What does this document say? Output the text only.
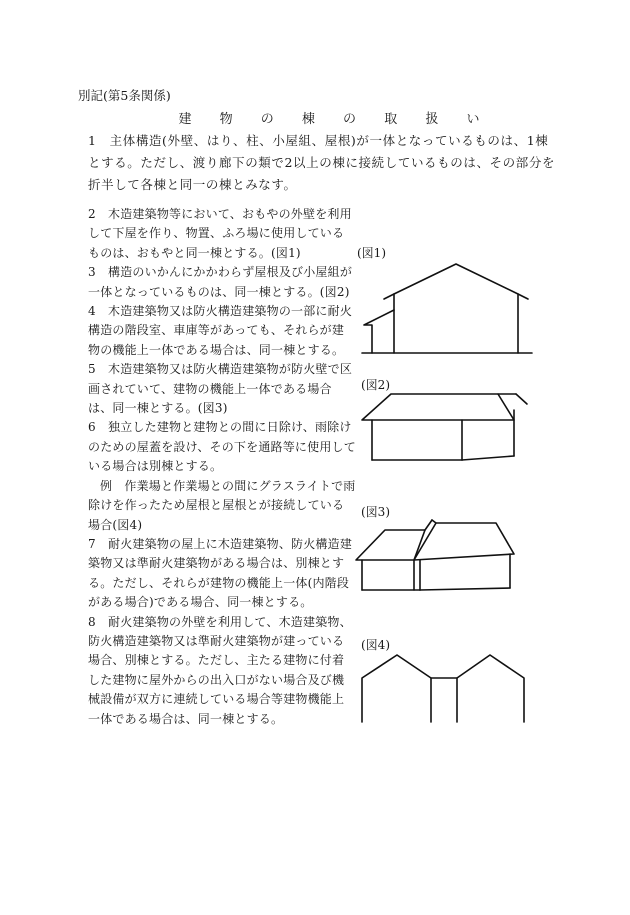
別記(第5条関係)
建 物 の 棟 の 取 扱 い
1　主体構造(外壁、はり、柱、小屋組、屋根)が一体となっているものは、1棟とする。ただし、渡り廊下の類で2以上の棟に接続しているものは、その部分を折半して各棟と同一の棟とみなす。

2　木造建築物等において、おもやの外壁を利用して下屋を作り、物置、ふろ場に使用しているものは、おもやと同一棟とする。(図1)

3　構造のいかんにかかわらず屋根及び小屋組が一体となっているものは、同一棟とする。(図2)

4　木造建築物又は防火構造建築物の一部に耐火構造の階段室、車庫等があっても、それらが建物の機能上一体である場合は、同一棟とする。

5　木造建築物又は防火構造建築物が防火壁で区画されていて、建物の機能上一体である場合は、同一棟とする。(図3)

6　独立した建物と建物との間に日除け、雨除けのための屋蓋を設け、その下を通路等に使用している場合は別棟とする。

例　作業場と作業場との間にグラスライトで雨除けを作ったため屋根と屋根とが接続している場合(図4)

7　耐火建築物の屋上に木造建築物、防火構造建築物又は準耐火建築物がある場合は、別棟とする。ただし、それらが建物の機能上一体(内階段がある場合)である場合、同一棟とする。

8　耐火建築物の外壁を利用して、木造建築物、防火構造建築物又は準耐火建築物が建っている場合、別棟とする。ただし、主たる建物に付着した建物に屋外からの出入口がない場合及び機械設備が双方に連続している場合等建物機能上一体である場合は、同一棟とする。

(図1)
(図2)
(図3)
(図4)
